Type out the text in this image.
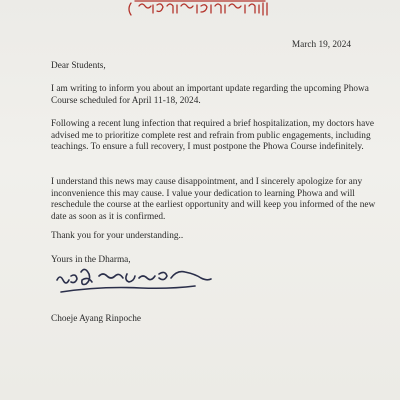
March 19, 2024

Dear Students,

I am writing to inform you about an important update regarding the upcoming Phowa Course scheduled for April 11-18, 2024.

Following a recent lung infection that required a brief hospitalization, my doctors have advised me to prioritize complete rest and refrain from public engagements, including teachings. To ensure a full recovery, I must postpone the Phowa Course indefinitely.

I understand this news may cause disappointment, and I sincerely apologize for any inconvenience this may cause. I value your dedication to learning Phowa and will reschedule the course at the earliest opportunity and will keep you informed of the new date as soon as it is confirmed.

Thank you for your understanding..

Yours in the Dharma,

Choeje Ayang Rinpoche
